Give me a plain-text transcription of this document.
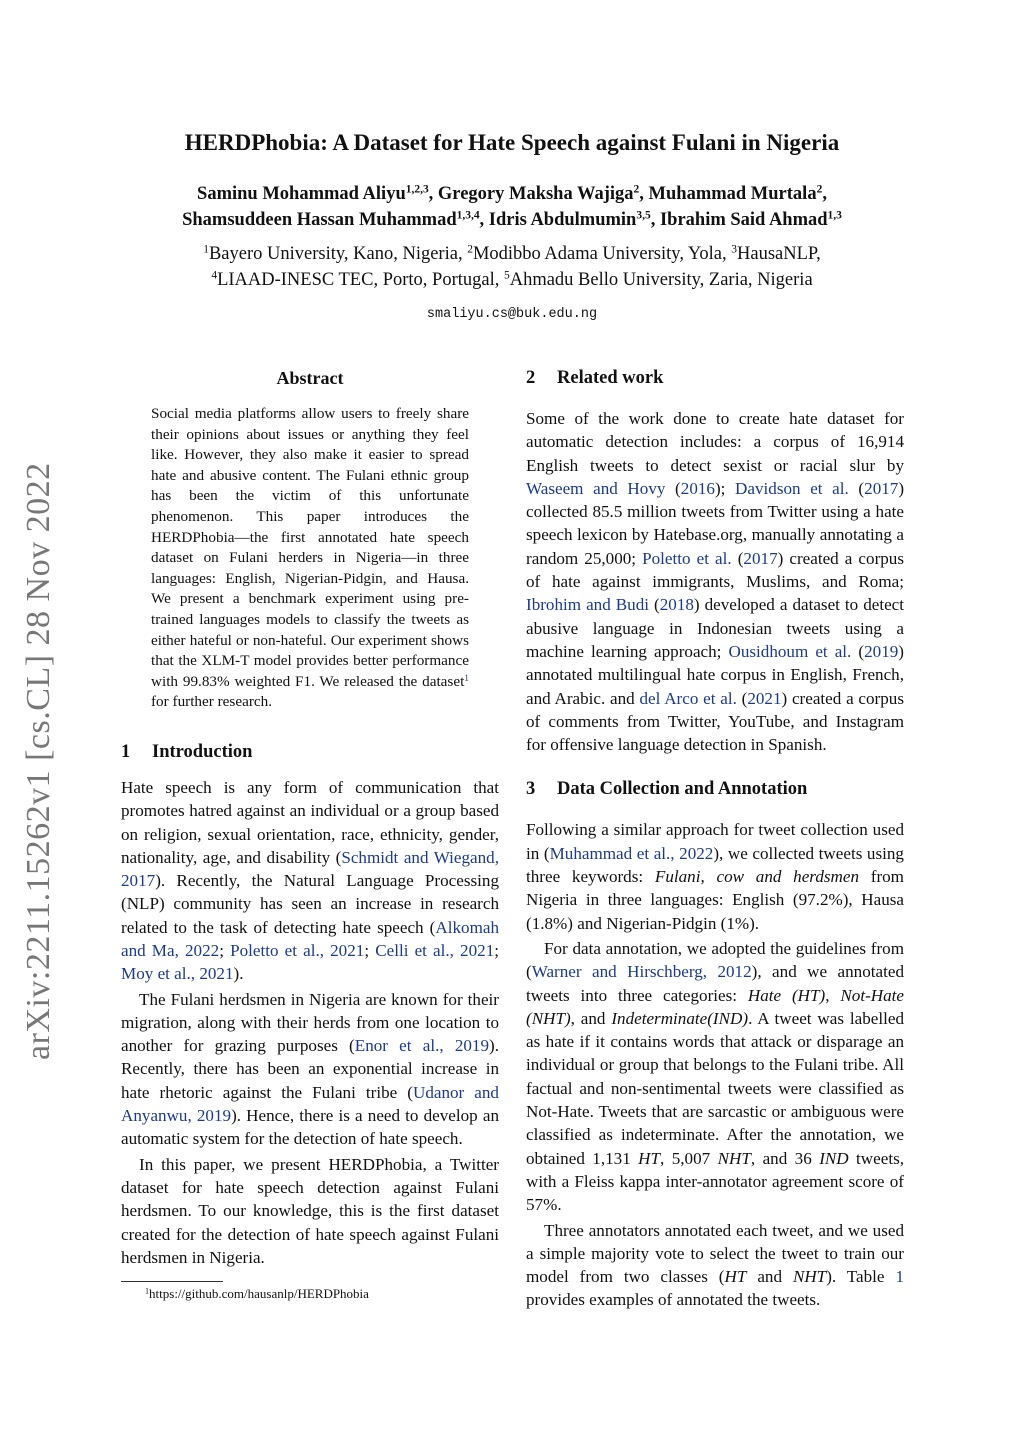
arXiv:2211.15262v1 [cs.CL] 28 Nov 2022
HERDPhobia: A Dataset for Hate Speech against Fulani in Nigeria
Saminu Mohammad Aliyu$^{1,2,3}$, Gregory Maksha Wajiga$^2$, Muhammad Murtala$^2$,
Shamsuddeen Hassan Muhammad$^{1,3,4}$, Idris Abdulmumin$^{3,5}$, Ibrahim Said Ahmad$^{1,3}$
$^1$Bayero University, Kano, Nigeria, $^2$Modibbo Adama University, Yola, $^3$HausaNLP,
$^4$LIAAD-INESC TEC, Porto, Portugal, $^5$Ahmadu Bello University, Zaria, Nigeria
smaliyu.cs@buk.edu.ng
Abstract
Social media platforms allow users to freely share their opinions about issues or anything they feel like. However, they also make it easier to spread hate and abusive content. The Fulani ethnic group has been the victim of this unfortunate phenomenon. This paper introduces the HERDPhobia—the first annotated hate speech dataset on Fulani herders in Nigeria—in three languages: English, Nigerian-Pidgin, and Hausa. We present a benchmark experiment using pre-trained languages models to classify the tweets as either hateful or non-hateful. Our experiment shows that the XLM-T model provides better performance with 99.83% weighted F1. We released the dataset$^1$ for further research.
1 Introduction

Hate speech is any form of communication that promotes hatred against an individual or a group based on religion, sexual orientation, race, ethnicity, gender, nationality, age, and disability (Schmidt and Wiegand, 2017). Recently, the Natural Language Processing (NLP) community has seen an increase in research related to the task of detecting hate speech (Alkomah and Ma, 2022; Poletto et al., 2021; Celli et al., 2021; Moy et al., 2021).

The Fulani herdsmen in Nigeria are known for their migration, along with their herds from one location to another for grazing purposes (Enor et al., 2019). Recently, there has been an exponential increase in hate rhetoric against the Fulani tribe (Udanor and Anyanwu, 2019). Hence, there is a need to develop an automatic system for the detection of hate speech.

In this paper, we present HERDPhobia, a Twitter dataset for hate speech detection against Fulani herdsmen. To our knowledge, this is the first dataset created for the detection of hate speech against Fulani herdsmen in Nigeria.

$^1$https://github.com/hausanlp/HERDPhobia
2 Related work

Some of the work done to create hate dataset for automatic detection includes: a corpus of 16,914 English tweets to detect sexist or racial slur by Waseem and Hovy (2016); Davidson et al. (2017) collected 85.5 million tweets from Twitter using a hate speech lexicon by Hatebase.org, manually annotating a random 25,000; Poletto et al. (2017) created a corpus of hate against immigrants, Muslims, and Roma; Ibrohim and Budi (2018) developed a dataset to detect abusive language in Indonesian tweets using a machine learning approach; Ousidhoum et al. (2019) annotated multilingual hate corpus in English, French, and Arabic. and del Arco et al. (2021) created a corpus of comments from Twitter, YouTube, and Instagram for offensive language detection in Spanish.

3 Data Collection and Annotation

Following a similar approach for tweet collection used in (Muhammad et al., 2022), we collected tweets using three keywords: Fulani, cow and herdsmen from Nigeria in three languages: English (97.2%), Hausa (1.8%) and Nigerian-Pidgin (1%).

For data annotation, we adopted the guidelines from (Warner and Hirschberg, 2012), and we annotated tweets into three categories: Hate (HT), Not-Hate (NHT), and Indeterminate(IND). A tweet was labelled as hate if it contains words that attack or disparage an individual or group that belongs to the Fulani tribe. All factual and non-sentimental tweets were classified as Not-Hate. Tweets that are sarcastic or ambiguous were classified as indeterminate. After the annotation, we obtained 1,131 HT, 5,007 NHT, and 36 IND tweets, with a Fleiss kappa inter-annotator agreement score of 57%.

Three annotators annotated each tweet, and we used a simple majority vote to select the tweet to train our model from two classes (HT and NHT). Table 1 provides examples of annotated the tweets.
